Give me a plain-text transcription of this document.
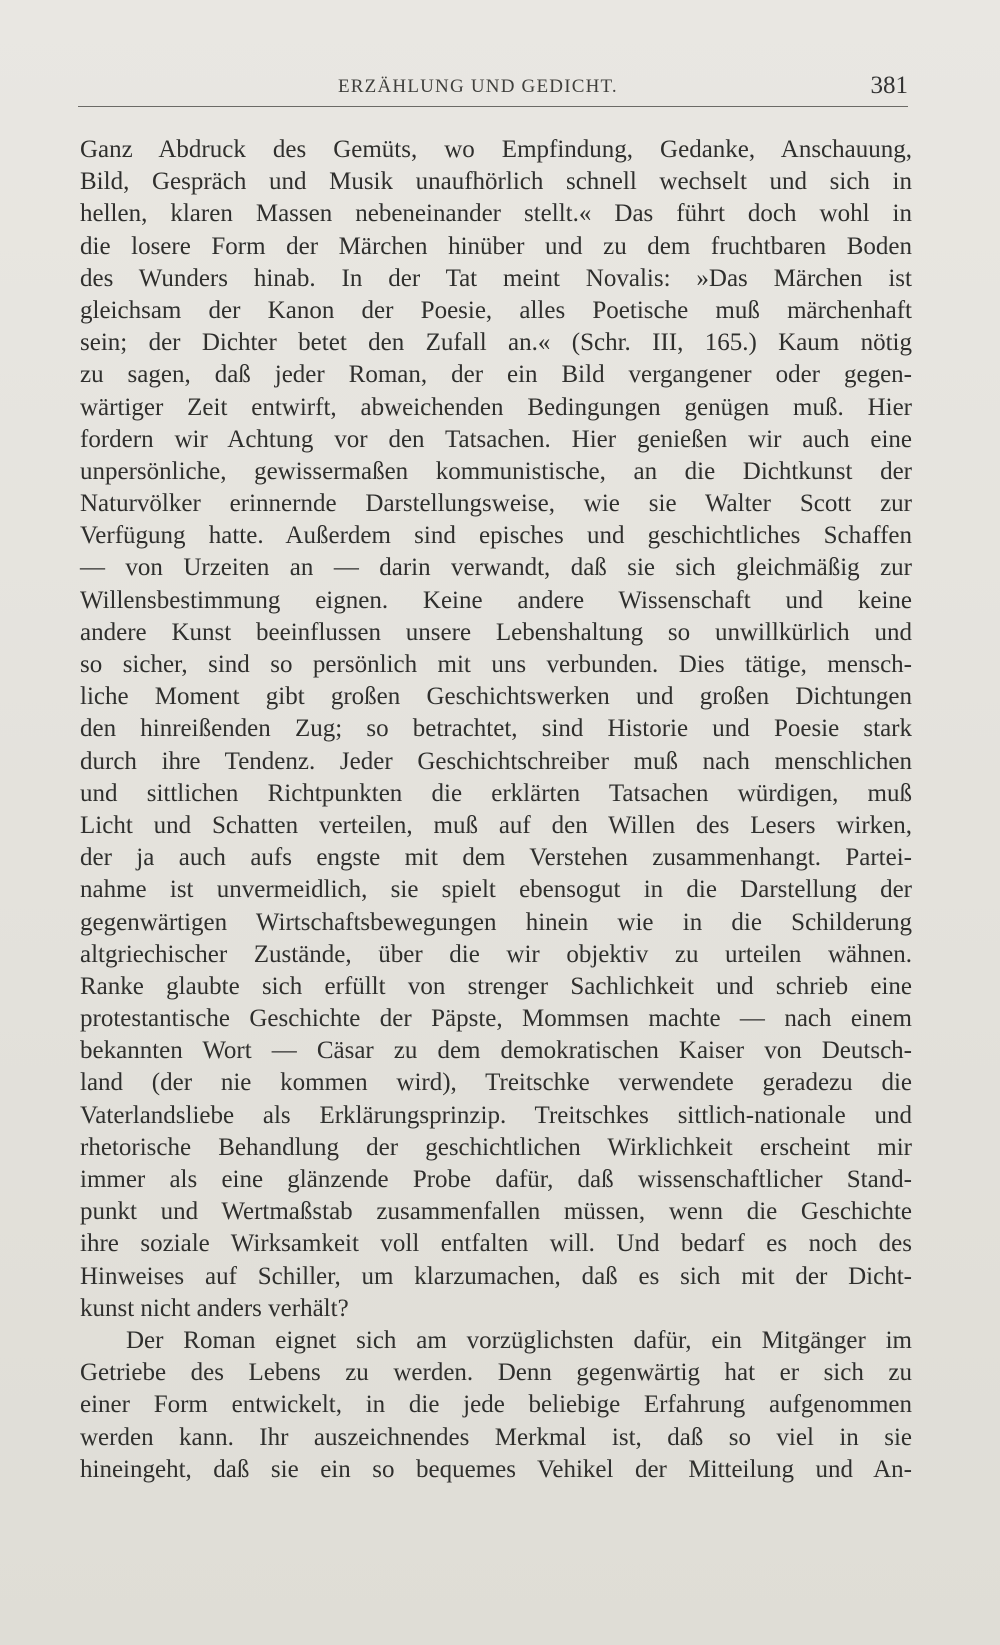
ERZÄHLUNG UND GEDICHT.	381
Ganz Abdruck des Gemüts, wo Empfindung, Gedanke, Anschauung,
Bild, Gespräch und Musik unaufhörlich schnell wechselt und sich in
hellen, klaren Massen nebeneinander stellt.« Das führt doch wohl in
die losere Form der Märchen hinüber und zu dem fruchtbaren Boden
des Wunders hinab. In der Tat meint Novalis: »Das Märchen ist
gleichsam der Kanon der Poesie, alles Poetische muß märchenhaft
sein; der Dichter betet den Zufall an.« (Schr. III, 165.) Kaum nötig
zu sagen, daß jeder Roman, der ein Bild vergangener oder gegen-
wärtiger Zeit entwirft, abweichenden Bedingungen genügen muß. Hier
fordern wir Achtung vor den Tatsachen. Hier genießen wir auch eine
unpersönliche, gewissermaßen kommunistische, an die Dichtkunst der
Naturvölker erinnernde Darstellungsweise, wie sie Walter Scott zur
Verfügung hatte. Außerdem sind episches und geschichtliches Schaffen
— von Urzeiten an — darin verwandt, daß sie sich gleichmäßig zur
Willensbestimmung eignen. Keine andere Wissenschaft und keine
andere Kunst beeinflussen unsere Lebenshaltung so unwillkürlich und
so sicher, sind so persönlich mit uns verbunden. Dies tätige, mensch-
liche Moment gibt großen Geschichtswerken und großen Dichtungen
den hinreißenden Zug; so betrachtet, sind Historie und Poesie stark
durch ihre Tendenz. Jeder Geschichtschreiber muß nach menschlichen
und sittlichen Richtpunkten die erklärten Tatsachen würdigen, muß
Licht und Schatten verteilen, muß auf den Willen des Lesers wirken,
der ja auch aufs engste mit dem Verstehen zusammenhangt. Partei-
nahme ist unvermeidlich, sie spielt ebensogut in die Darstellung der
gegenwärtigen Wirtschaftsbewegungen hinein wie in die Schilderung
altgriechischer Zustände, über die wir objektiv zu urteilen wähnen.
Ranke glaubte sich erfüllt von strenger Sachlichkeit und schrieb eine
protestantische Geschichte der Päpste, Mommsen machte — nach einem
bekannten Wort — Cäsar zu dem demokratischen Kaiser von Deutsch-
land (der nie kommen wird), Treitschke verwendete geradezu die
Vaterlandsliebe als Erklärungsprinzip. Treitschkes sittlich-nationale und
rhetorische Behandlung der geschichtlichen Wirklichkeit erscheint mir
immer als eine glänzende Probe dafür, daß wissenschaftlicher Stand-
punkt und Wertmaßstab zusammenfallen müssen, wenn die Geschichte
ihre soziale Wirksamkeit voll entfalten will. Und bedarf es noch des
Hinweises auf Schiller, um klarzumachen, daß es sich mit der Dicht-
kunst nicht anders verhält?
Der Roman eignet sich am vorzüglichsten dafür, ein Mitgänger im
Getriebe des Lebens zu werden. Denn gegenwärtig hat er sich zu
einer Form entwickelt, in die jede beliebige Erfahrung aufgenommen
werden kann. Ihr auszeichnendes Merkmal ist, daß so viel in sie
hineingeht, daß sie ein so bequemes Vehikel der Mitteilung und An-
